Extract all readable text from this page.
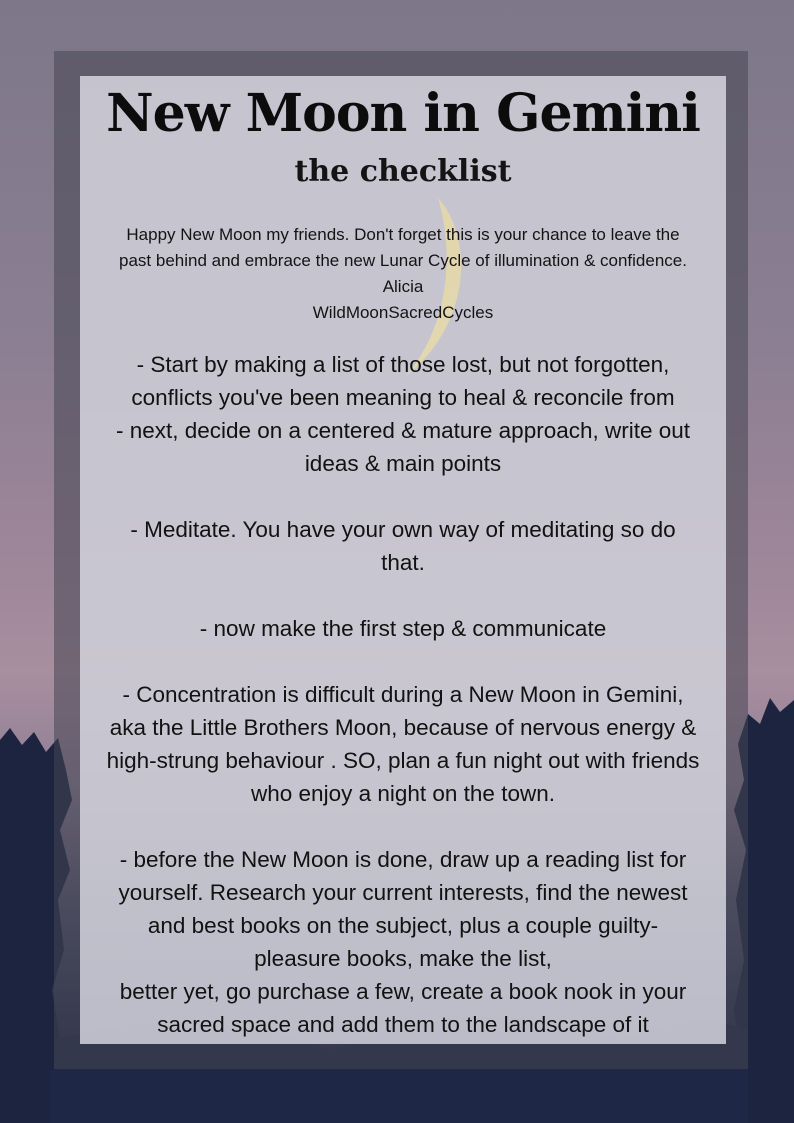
New Moon in Gemini
the checklist
Happy New Moon my friends. Don't forget this is your chance to leave the
past behind and embrace the new Lunar Cycle of illumination & confidence.
Alicia
WildMoonSacredCycles
- Start by making a list of those lost, but not forgotten,
conflicts you've been meaning to heal & reconcile from
- next, decide on a centered & mature approach, write out
ideas & main points
- Meditate. You have your own way of meditating so do
that.
- now make the first step & communicate
- Concentration is difficult during a New Moon in Gemini,
aka the Little Brothers Moon, because of nervous energy &
high-strung behaviour . SO, plan a fun night out with friends
who enjoy a night on the town.
- before the New Moon is done, draw up a reading list for
yourself. Research your current interests, find the newest
and best books on the subject, plus a couple guilty-
pleasure books, make the list,
better yet, go purchase a few, create a book nook in your
sacred space and add them to the landscape of it
